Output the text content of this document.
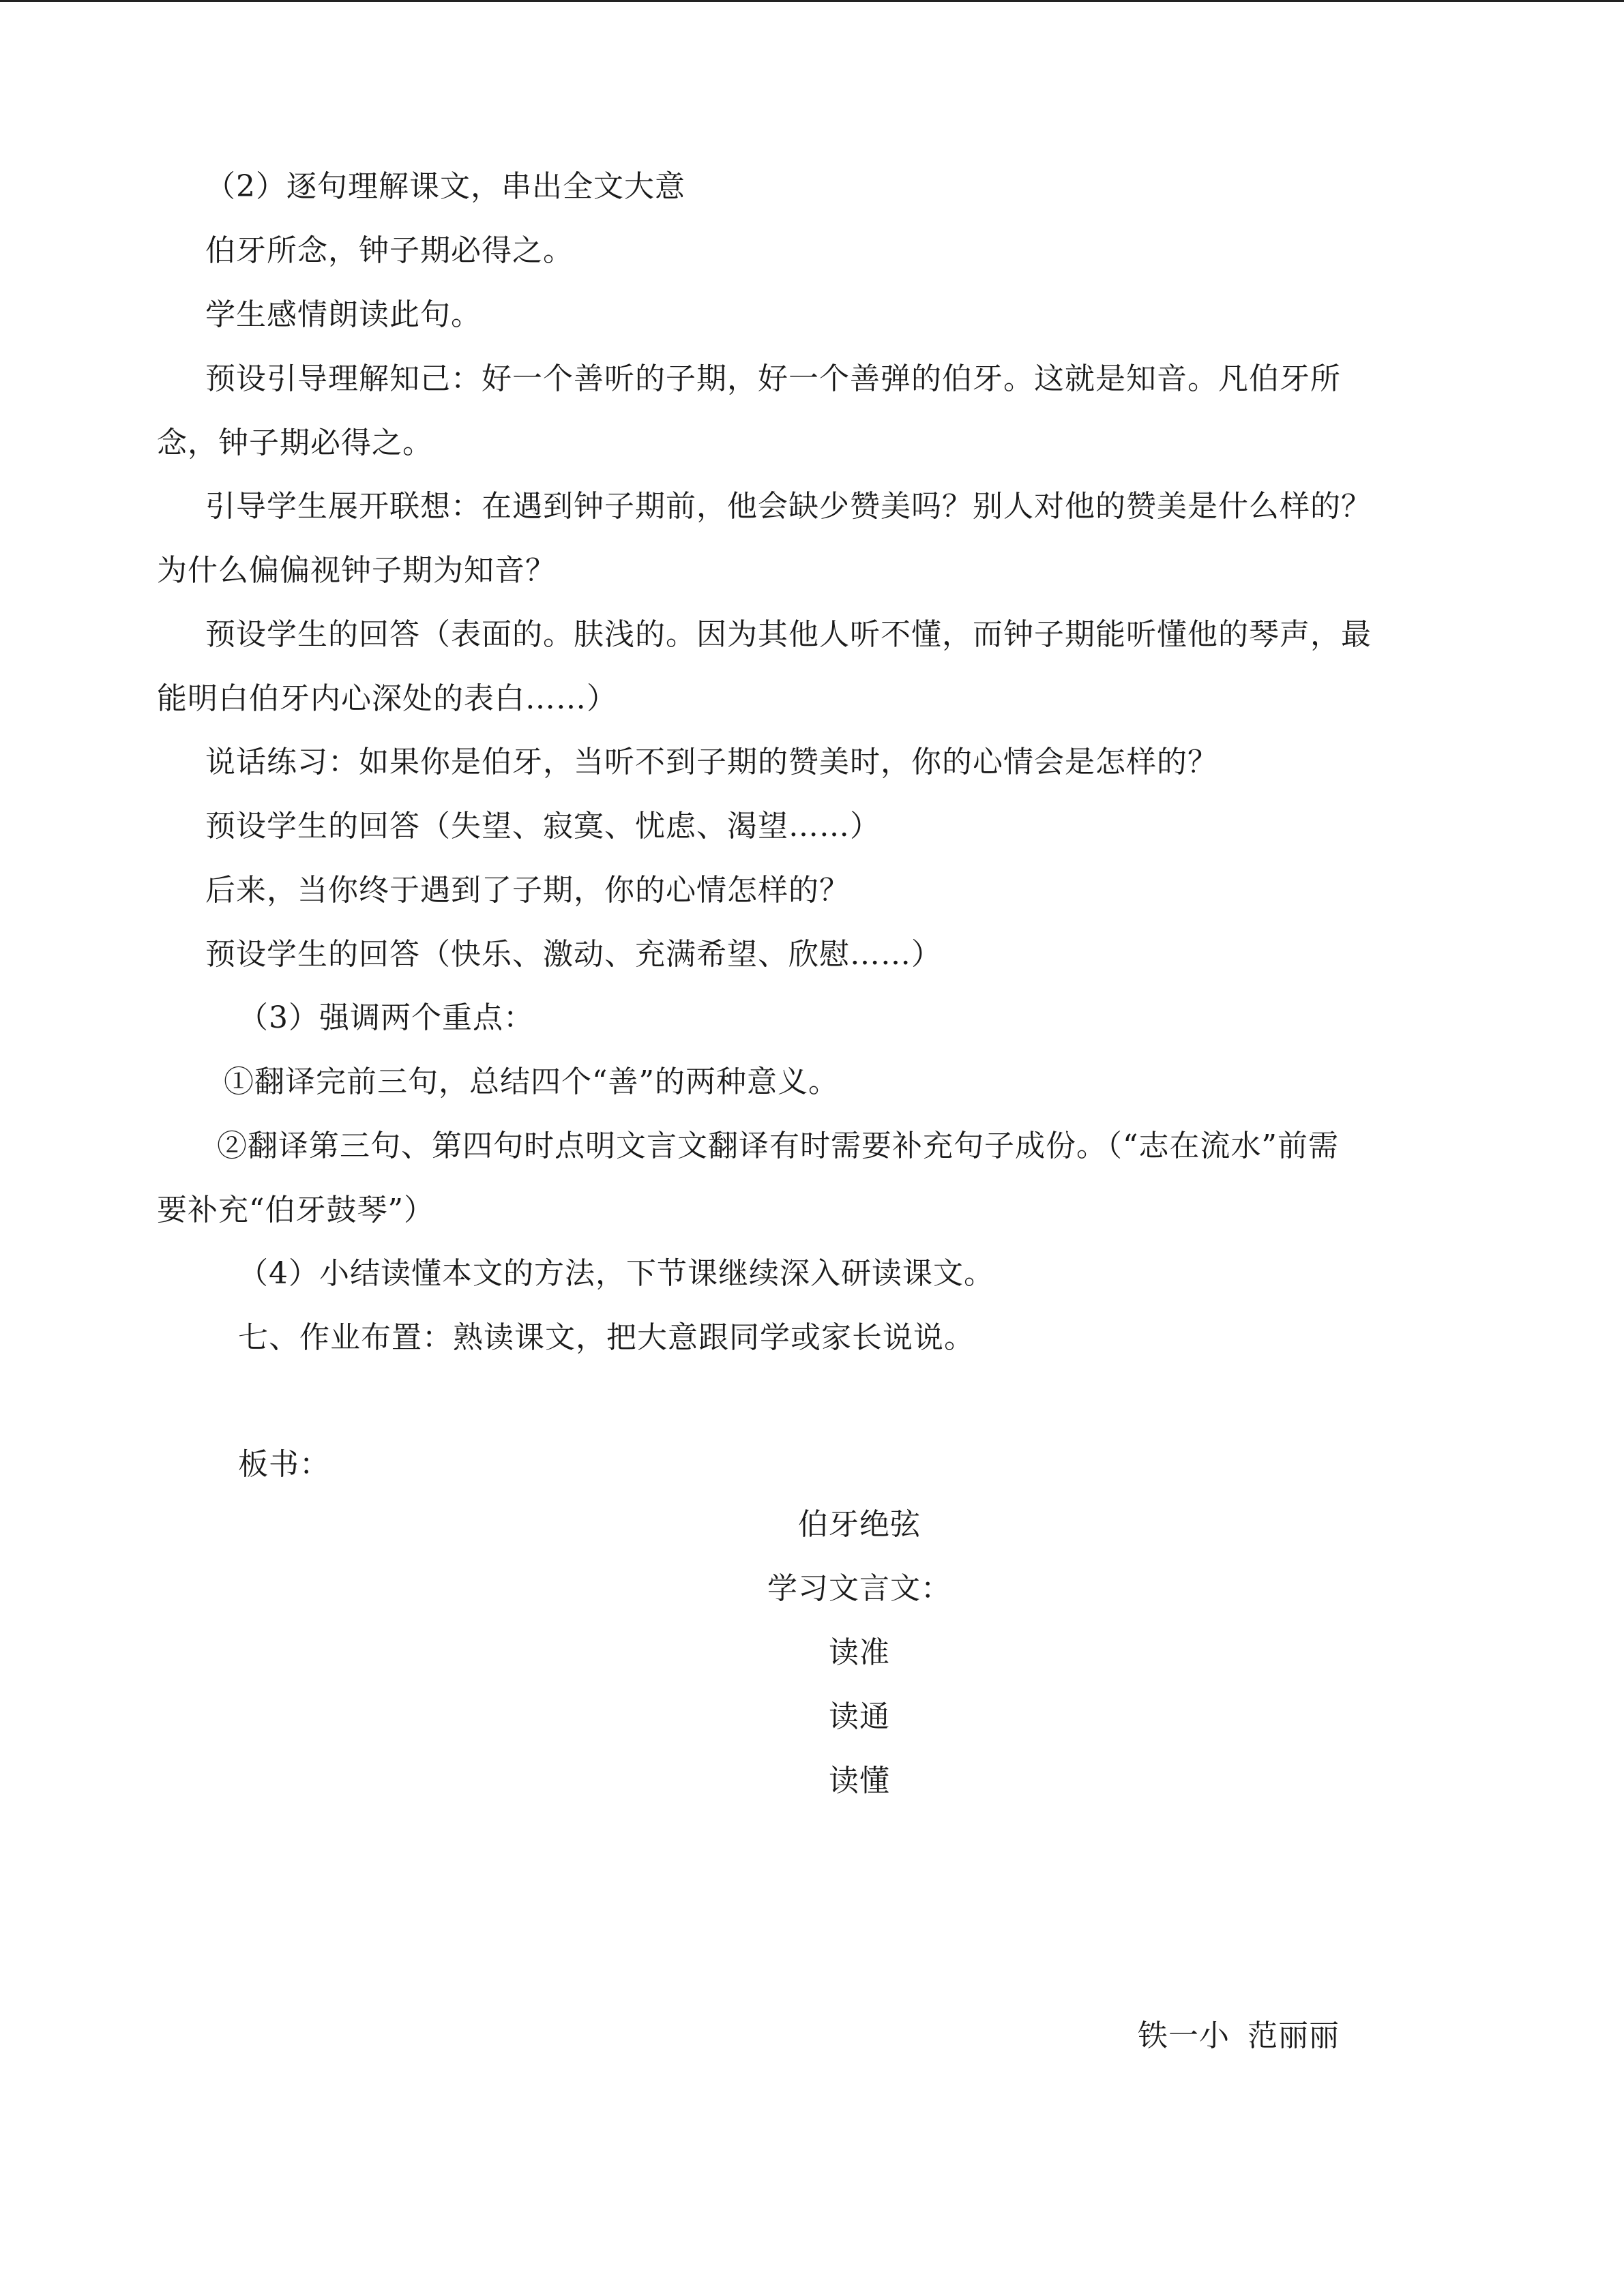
（2）逐句理解课文，串出全文大意
伯牙所念，钟子期必得之。
学生感情朗读此句。
预设引导理解知己：好一个善听的子期，好一个善弹的伯牙。这就是知音。凡伯牙所
念，钟子期必得之。
引导学生展开联想：在遇到钟子期前，他会缺少赞美吗？别人对他的赞美是什么样的？
为什么偏偏视钟子期为知音？
预设学生的回答（表面的。肤浅的。因为其他人听不懂，而钟子期能听懂他的琴声，最
能明白伯牙内心深处的表白……）
说话练习：如果你是伯牙，当听不到子期的赞美时，你的心情会是怎样的？
预设学生的回答（失望、寂寞、忧虑、渴望……）
后来，当你终于遇到了子期，你的心情怎样的？
预设学生的回答（快乐、激动、充满希望、欣慰……）
（3）强调两个重点：
①翻译完前三句，总结四个“善”的两种意义。
②翻译第三句、第四句时点明文言文翻译有时需要补充句子成份。（“志在流水”前需
要补充“伯牙鼓琴”）
（4）小结读懂本文的方法，下节课继续深入研读课文。
七、作业布置：熟读课文，把大意跟同学或家长说说。
板书：
伯牙绝弦
学习文言文：
读准
读通
读懂
铁一小 范丽丽
